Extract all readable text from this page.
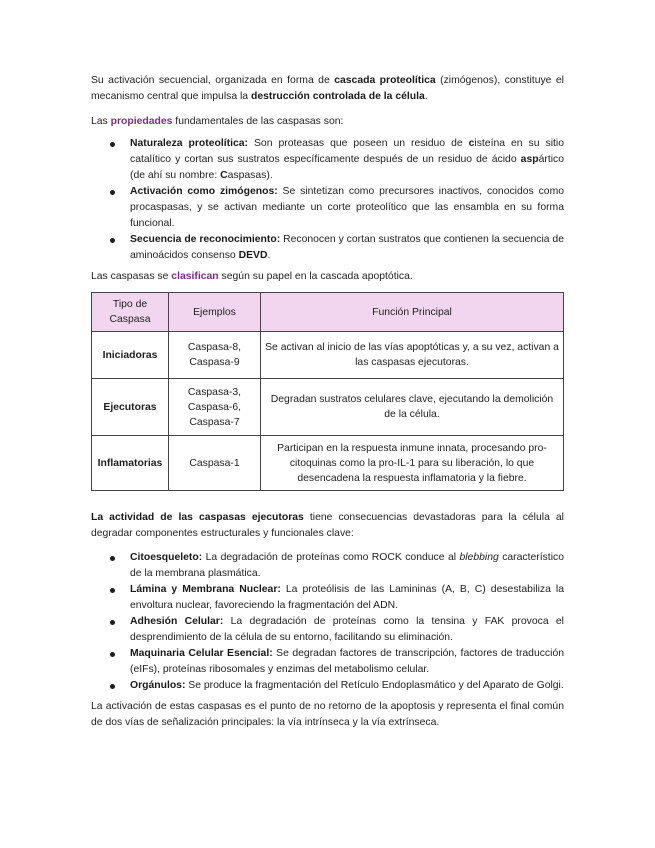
Su activación secuencial, organizada en forma de cascada proteolítica (zimógenos), constituye el mecanismo central que impulsa la destrucción controlada de la célula.

Las propiedades fundamentales de las caspasas son:

Naturaleza proteolítica: Son proteasas que poseen un residuo de cisteína en su sitio catalítico y cortan sus sustratos específicamente después de un residuo de ácido aspártico (de ahí su nombre: Caspasas).
Activación como zimógenos: Se sintetizan como precursores inactivos, conocidos como procaspasas, y se activan mediante un corte proteolítico que las ensambla en su forma funcional.
Secuencia de reconocimiento: Reconocen y cortan sustratos que contienen la secuencia de aminoácidos consenso DEVD.

Las caspasas se clasifican según su papel en la cascada apoptótica.

Tipo de Caspasa	Ejemplos	Función Principal
Iniciadoras	Caspasa-8,
Caspasa-9	Se activan al inicio de las vías apoptóticas y, a su vez, activan a las caspasas ejecutoras.
Ejecutoras	Caspasa-3,
Caspasa-6,
Caspasa-7	Degradan sustratos celulares clave, ejecutando la demolición de la célula.
Inflamatorias	Caspasa-1	Participan en la respuesta inmune innata, procesando pro-citoquinas como la pro-IL-1 para su liberación, lo que desencadena la respuesta inflamatoria y la fiebre.

La actividad de las caspasas ejecutoras tiene consecuencias devastadoras para la célula al degradar componentes estructurales y funcionales clave:

Citoesqueleto: La degradación de proteínas como ROCK conduce al blebbing característico de la membrana plasmática.
Lámina y Membrana Nuclear: La proteólisis de las Lamininas (A, B, C) desestabiliza la envoltura nuclear, favoreciendo la fragmentación del ADN.
Adhesión Celular: La degradación de proteínas como la tensina y FAK provoca el desprendimiento de la célula de su entorno, facilitando su eliminación.
Maquinaria Celular Esencial: Se degradan factores de transcripción, factores de traducción (eIFs), proteínas ribosomales y enzimas del metabolismo celular.
Orgánulos: Se produce la fragmentación del Retículo Endoplasmático y del Aparato de Golgi.

La activación de estas caspasas es el punto de no retorno de la apoptosis y representa el final común de dos vías de señalización principales: la vía intrínseca y la vía extrínseca.
